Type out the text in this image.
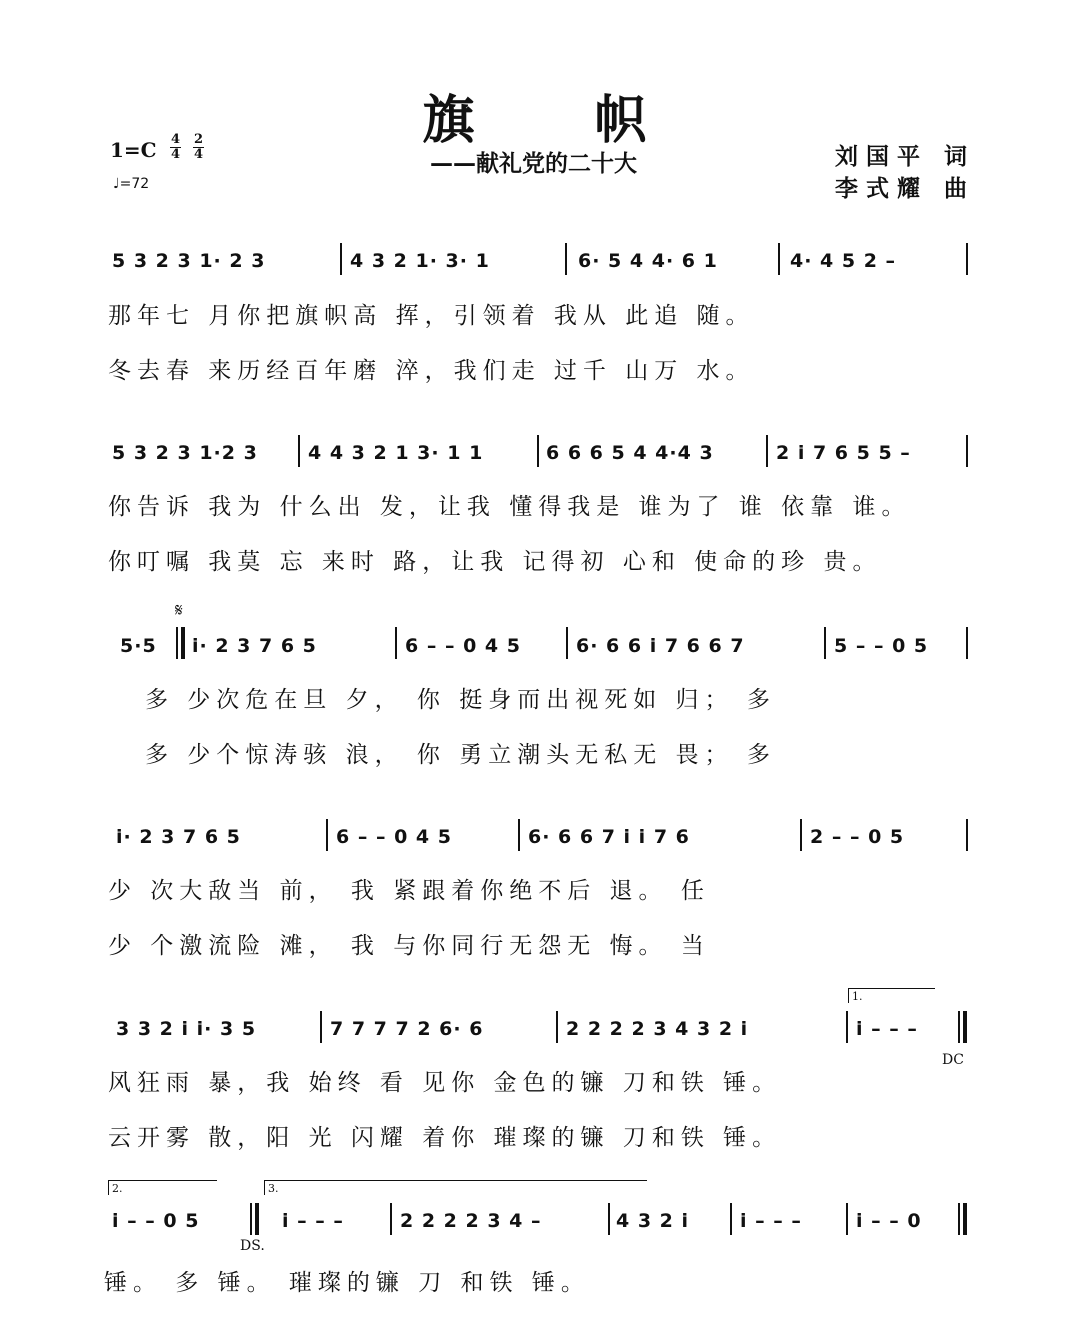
旗帜
——献礼党的二十大	刘国平 词
李式耀 曲
1=C 4
4
2
4
♩=72
5 3 2 3 1· 2 3	4 3 2 1· 3· 1	6· 5 4 4· 6 1	4· 4 5 2 –
那年七 月你把旗帜高 挥，引领着 我从 此追 随。
冬去春 来历经百年磨 淬，我们走 过千 山万 水。
5 3 2 3 1·2 3	4 4 3 2 1 3· 1 1	6 6 6 5 4 4·4 3	2 i 7 6 5 5 –
你告诉 我为 什么出 发，让我 懂得我是 谁为了 谁 依靠 谁。
你叮嘱 我莫 忘 来时 路，让我 记得初 心和 使命的珍 贵。
𝄋
5·5 i· 2 3 7 6 5	6 – – 0 4 5	6· 6 6 i 7 6 6 7	5 – – 0 5
多 少次危在旦 夕， 你 挺身而出视死如 归； 多
多 少个惊涛骇 浪， 你 勇立潮头无私无 畏； 多
i· 2 3 7 6 5	6 – – 0 4 5	6· 6 6 7 i i 7 6	2 – – 0 5
少 次大敌当 前， 我 紧跟着你绝不后 退。 任
少 个激流险 滩， 我 与你同行无怨无 悔。 当
3 3 2 i i· 3 5	7 7 7 7 2 6· 6	2 2 2 2 3 4 3 2 i
1.
i – – –
DC
风狂雨 暴，我 始终 看 见你 金色的镰 刀和铁 锤。
云开雾 散，阳 光 闪耀 着你 璀璨的镰 刀和铁 锤。
2.
i – – 0 5
DS.
3.
i – – –	2 2 2 2 3 4 –	4 3 2 i	i – – –	i – – 0
锤。 多 锤。 璀璨的镰 刀 和铁 锤。
